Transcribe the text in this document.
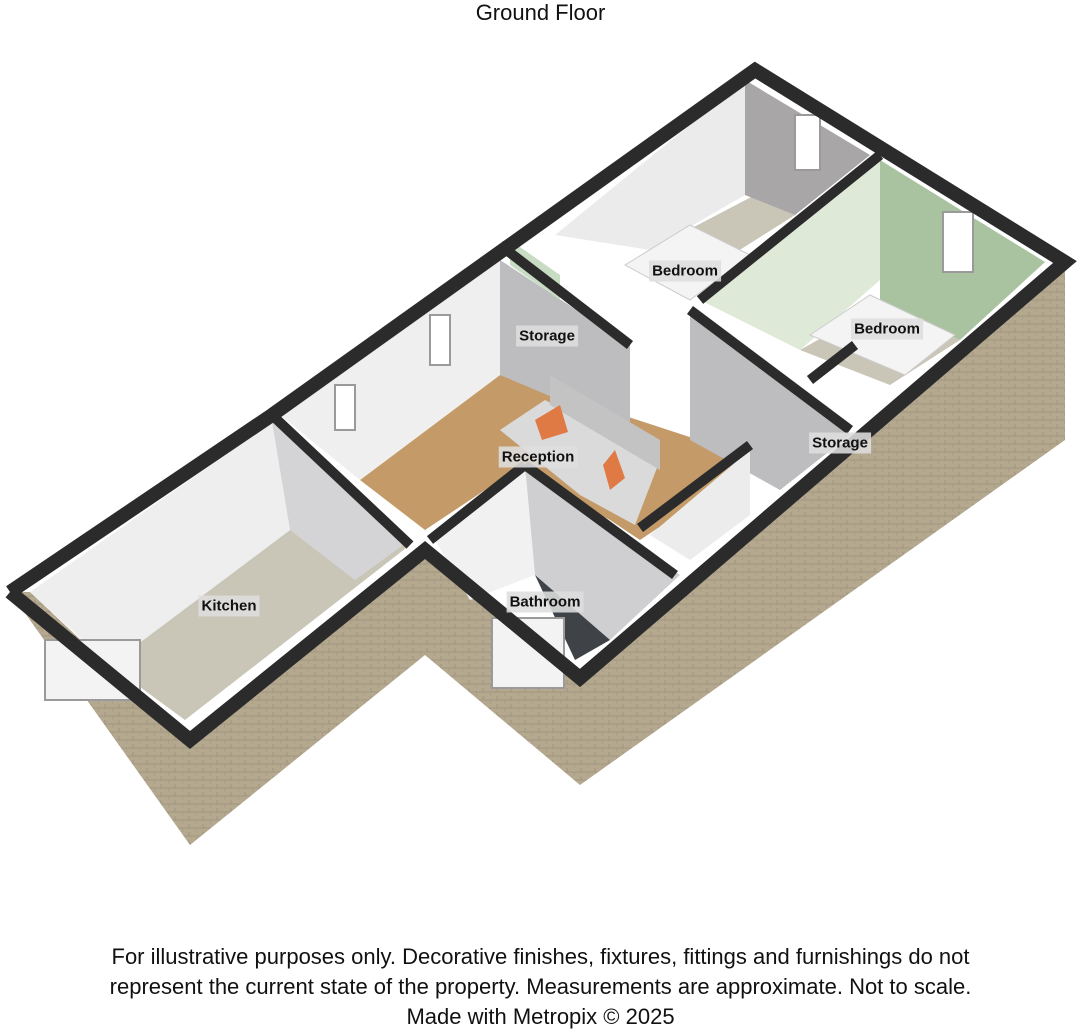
Ground Floor
Bedroom
Bedroom
Storage
Storage
Reception
Kitchen	Bathroom
For illustrative purposes only. Decorative finishes, fixtures, fittings and furnishings do not
represent the current state of the property. Measurements are approximate. Not to scale.
Made with Metropix © 2025
